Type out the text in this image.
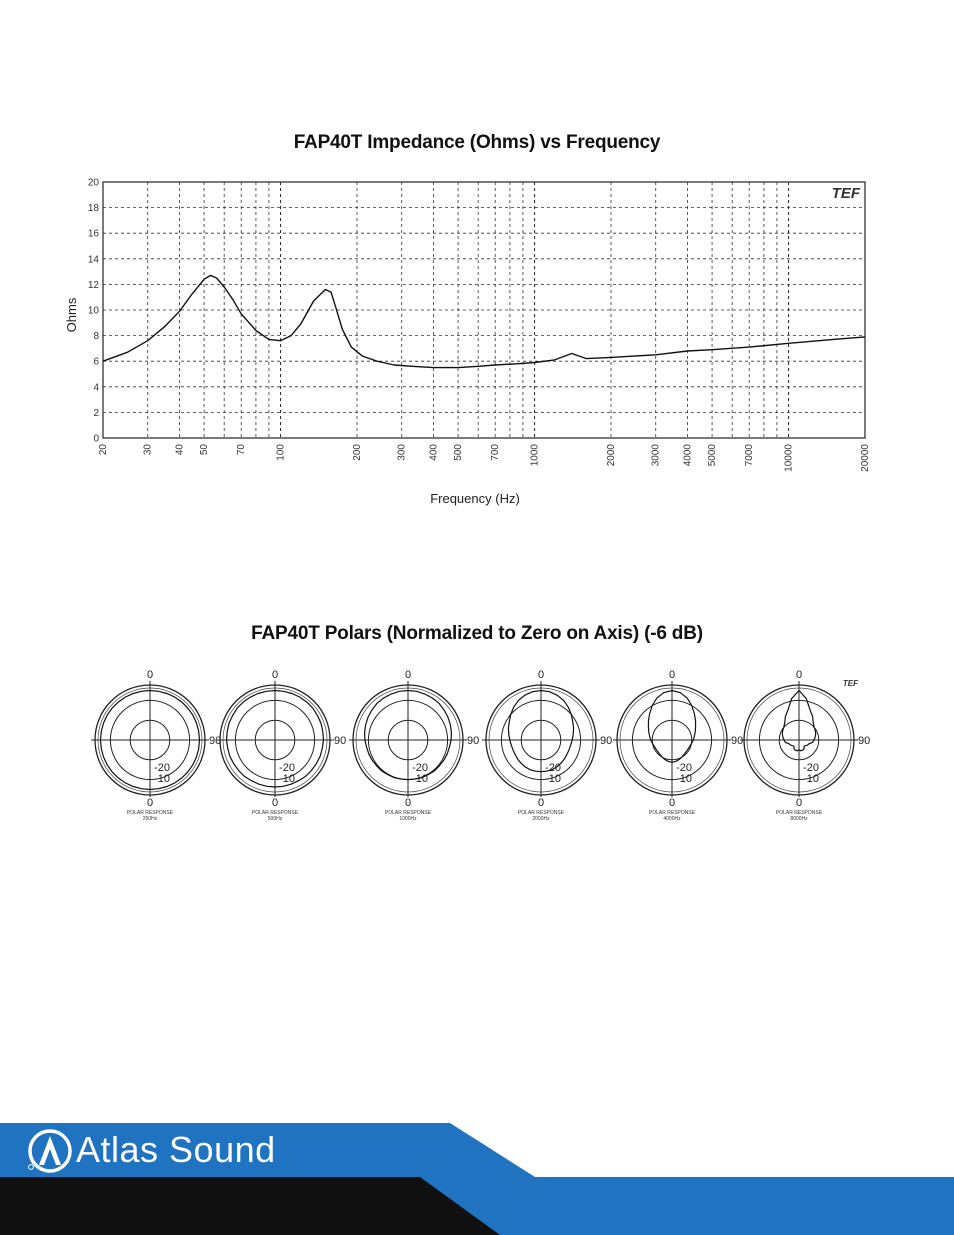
FAP40T Impedance (Ohms) vs Frequency
0
2
4
6
8
10
12
14
16
18
20
20	30 40 50	70	100	200	300 400 500	700	1000	2000	3000 4000 5000	7000	10000	20000
Frequency (Hz)
Ohms
TEF
FAP40T Polars (Normalized to Zero on Axis) (-6 dB)
TEF
0
90
0
-20
-10
POLAR RESPONSE
250Hz
0
90
0
-20
-10
POLAR RESPONSE
500Hz
0
90
0
-20
-10
POLAR RESPONSE
1000Hz
0
90
0
-20
-10
POLAR RESPONSE
2000Hz
0
90
0
-20
-10
POLAR RESPONSE
4000Hz
0
90
0
-20
-10
POLAR RESPONSE
8000Hz

Atlas Sound
